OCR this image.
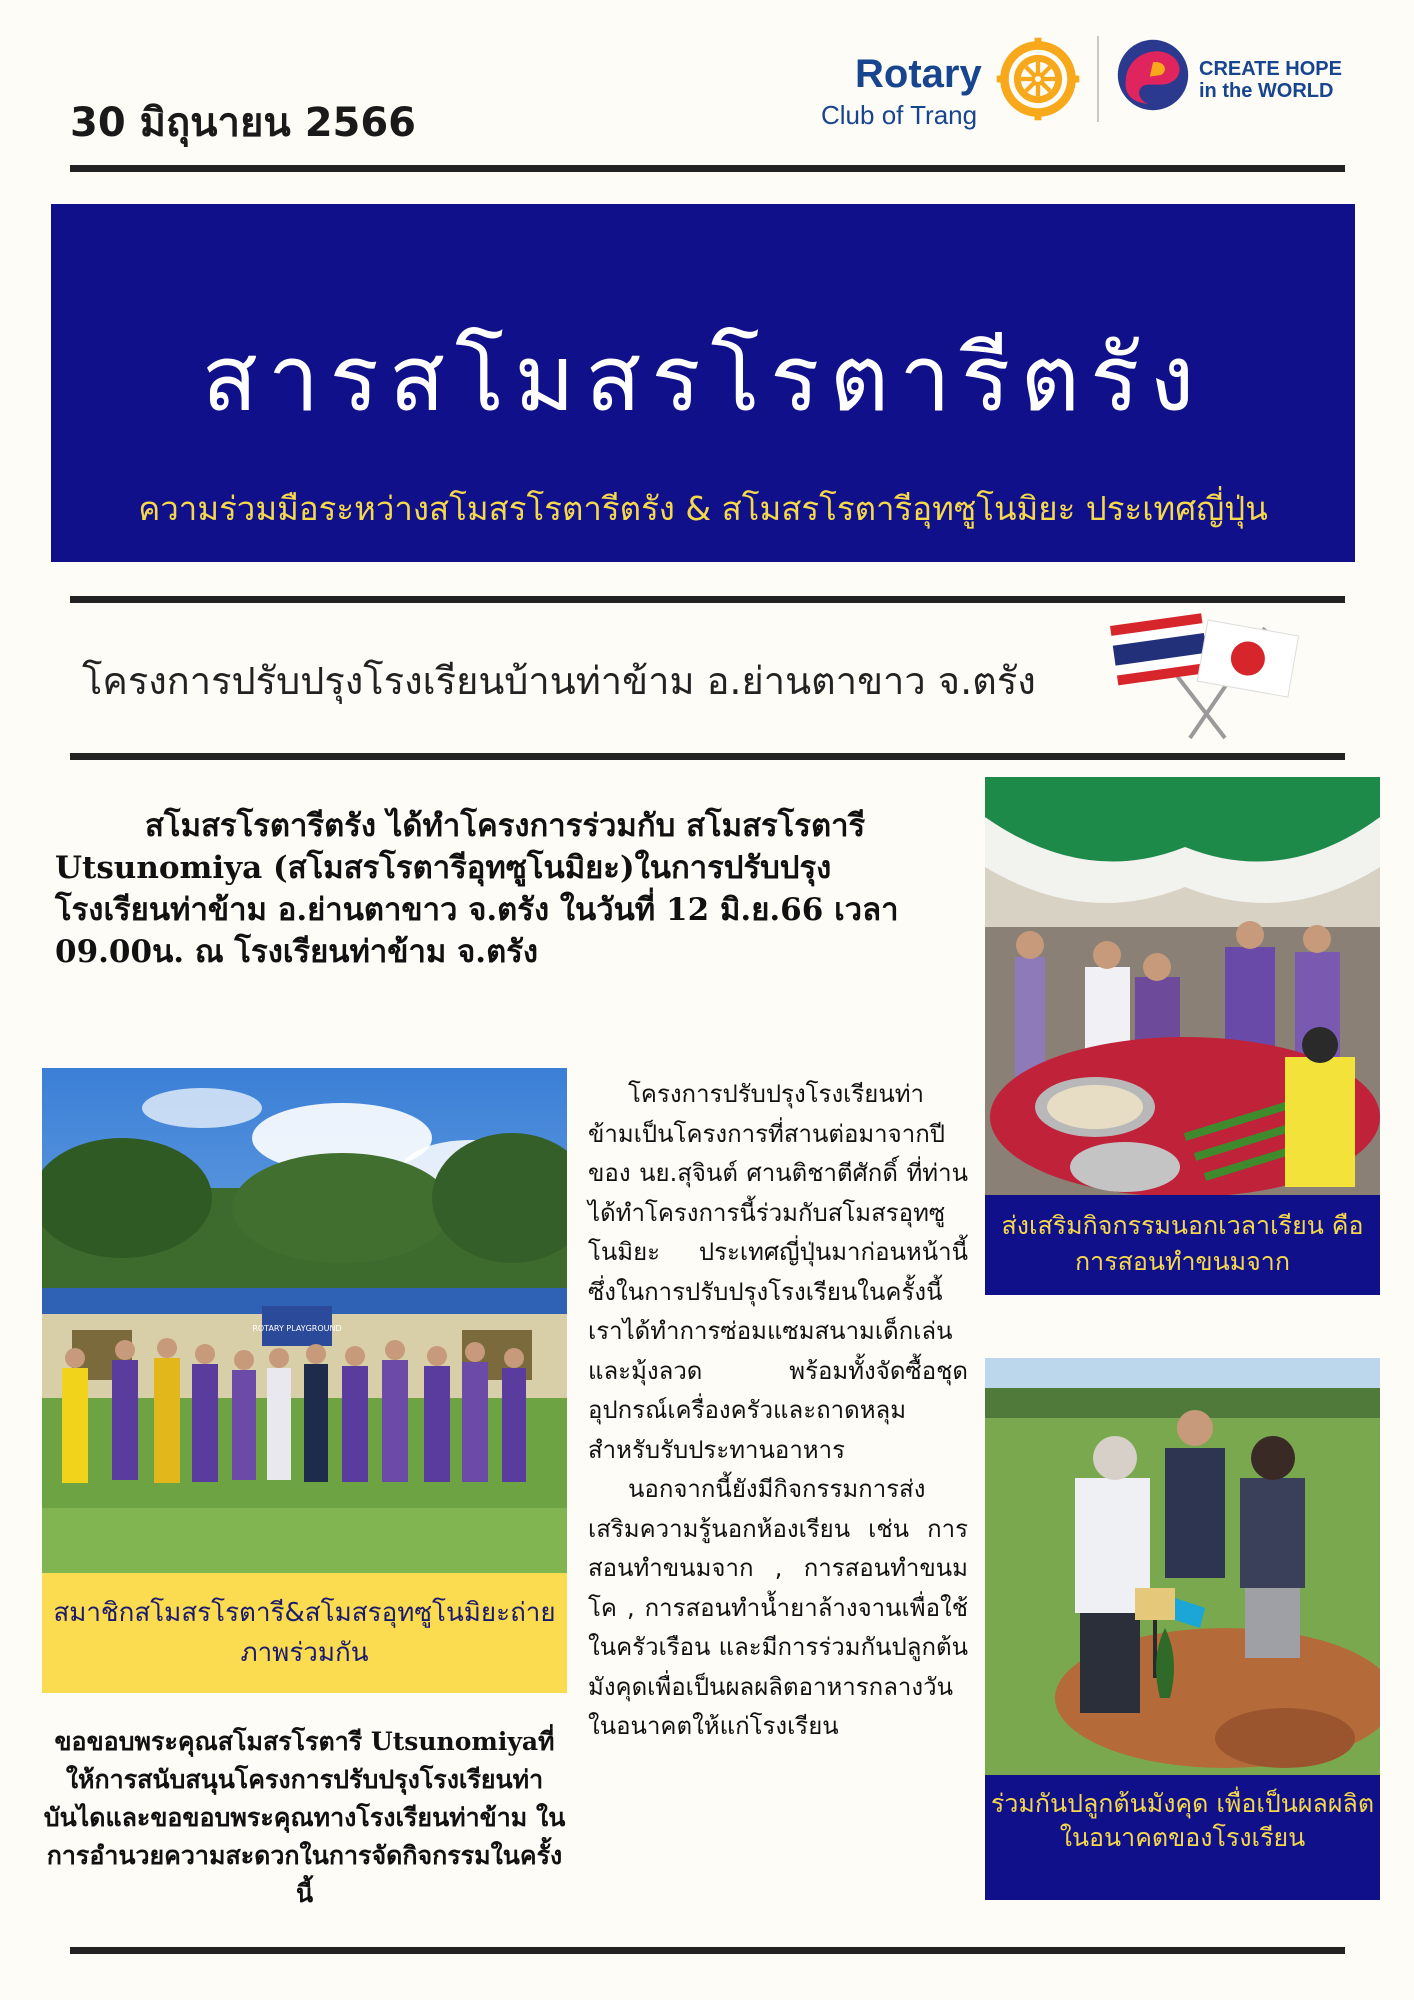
30 มิถุนายน 2566
Rotary
Club of Trang
CREATE HOPE
in the WORLD
สารสโมสรโรตารีตรัง
ความร่วมมือระหว่างสโมสรโรตารีตรัง & สโมสรโรตารีอุทซูโนมิยะ ประเทศญี่ปุ่น
โครงการปรับปรุงโรงเรียนบ้านท่าข้าม อ.ย่านตาขาว จ.ตรัง
สโมสรโรตารีตรัง ได้ทำโครงการร่วมกับ สโมสรโรตารี Utsunomiya (สโมสรโรตารีอุทซูโนมิยะ)ในการปรับปรุงโรงเรียนท่าข้าม อ.ย่านตาขาว จ.ตรัง ในวันที่ 12 มิ.ย.66 เวลา 09.00น. ณ โรงเรียนท่าข้าม จ.ตรัง
ROTARY PLAYGROUND
สมาชิกสโมสรโรตารี&สโมสรอุทซูโนมิยะถ่ายภาพร่วมกัน
ขอขอบพระคุณสโมสรโรตารี Utsunomiyaที่ให้การสนับสนุนโครงการปรับปรุงโรงเรียนท่าบันไดและขอขอบพระคุณทางโรงเรียนท่าข้าม ในการอำนวยความสะดวกในการจัดกิจกรรมในครั้งนี้

โครงการปรับปรุงโรงเรียนท่าข้ามเป็นโครงการที่สานต่อมาจากปีของ นย.สุจินต์ ศานติชาตีศักดิ์ ที่ท่านได้ทำโครงการนี้ร่วมกับสโมสรอุทซูโนมิยะ ประเทศญี่ปุ่นมาก่อนหน้านี้ ซึ่งในการปรับปรุงโรงเรียนในครั้งนี้ เราได้ทำการซ่อมแซมสนามเด็กเล่นและมุ้งลวด พร้อมทั้งจัดซื้อชุดอุปกรณ์เครื่องครัวและถาดหลุมสำหรับรับประทานอาหาร

นอกจากนี้ยังมีกิจกรรมการส่งเสริมความรู้นอกห้องเรียน เช่น การสอนทำขนมจาก , การสอนทำขนมโค , การสอนทำน้ำยาล้างจานเพื่อใช้ในครัวเรือน และมีการร่วมกันปลูกต้นมังคุดเพื่อเป็นผลผลิตอาหารกลางวันในอนาคตให้แก่โรงเรียน

ส่งเสริมกิจกรรมนอกเวลาเรียน คือ การสอนทำขนมจาก
ร่วมกันปลูกต้นมังคุด เพื่อเป็นผลผลิตในอนาคตของโรงเรียน
